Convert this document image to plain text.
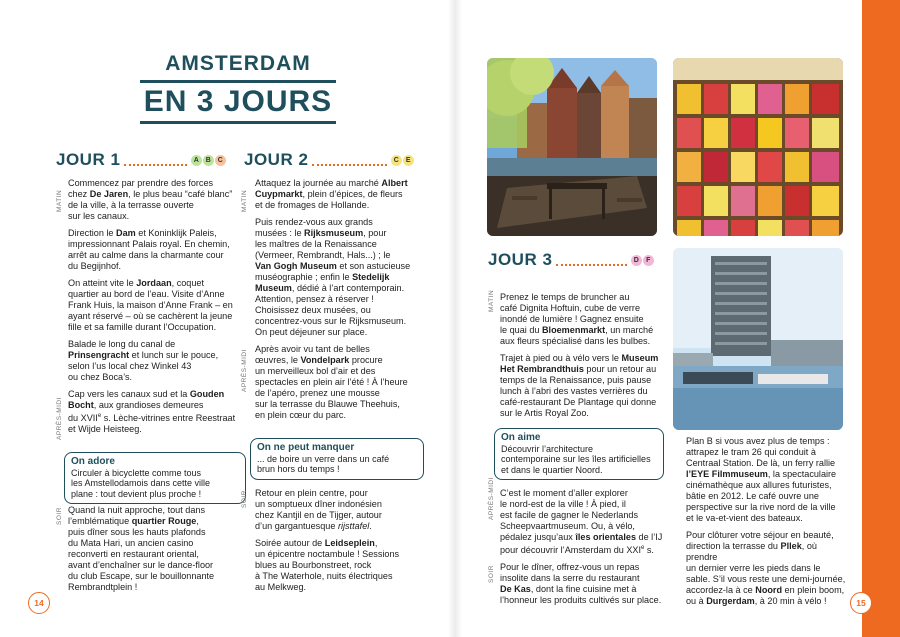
AMSTERDAM
EN 3 JOURS
JOUR 1	A B C
MATIN
APRÈS-MIDI
SOIR

Commencez par prendre des forces
chez De Jaren, le plus beau “café blanc”
de la ville, à la terrasse ouverte
sur les canaux.

Direction le Dam et Koninklijk Paleis,
impressionnant Palais royal. En chemin,
arrêt au calme dans la charmante cour
du Begijnhof.

On atteint vite le Jordaan, coquet
quartier au bord de l’eau. Visite d’Anne
Frank Huis, la maison d’Anne Frank – en
ayant réservé – où se cachèrent la jeune
fille et sa famille durant l’Occupation.

Balade le long du canal de
Prinsengracht et lunch sur le pouce,
selon l’us local chez Winkel 43
ou chez Boca’s.

Cap vers les canaux sud et la Gouden
Bocht, aux grandioses demeures
du XVIIe s. Lèche-vitrines entre Reestraat
et Wijde Heisteeg.

On adore
Circuler à bicyclette comme tous
les Amstellodamois dans cette ville
plane : tout devient plus proche !

Quand la nuit approche, tout dans
l’emblématique quartier Rouge,
puis dîner sous les hauts plafonds
du Mata Hari, un ancien casino
reconverti en restaurant oriental,
avant d’enchaîner sur le dance-floor
du club Escape, sur le bouillonnante
Rembrandtplein !

JOUR 2	C E
MATIN
APRÈS-MIDI
SOIR

Attaquez la journée au marché Albert
Cuypmarkt, plein d’épices, de fleurs
et de fromages de Hollande.

Puis rendez-vous aux grands
musées : le Rijksmuseum, pour
les maîtres de la Renaissance
(Vermeer, Rembrandt, Hals...) ; le
Van Gogh Museum et son astucieuse
muséographie ; enfin le Stedelijk
Museum, dédié à l’art contemporain.
Attention, pensez à réserver !
Choisissez deux musées, ou
concentrez-vous sur le Rijksmuseum.
On peut déjeuner sur place.

Après avoir vu tant de belles
œuvres, le Vondelpark procure
un merveilleux bol d’air et des
spectacles en plein air l’été ! À l’heure
de l’apéro, prenez une mousse
sur la terrasse du Blauwe Theehuis,
en plein cœur du parc.

On ne peut manquer
... de boire un verre dans un café
brun hors du temps !

Retour en plein centre, pour
un somptueux dîner indonésien
chez Kantjil en de Tijger, autour
d’un gargantuesque rijsttafel.

Soirée autour de Leidseplein,
un épicentre noctambule ! Sessions
blues au Bourbonstreet, rock
à The Waterhole, nuits électriques
au Melkweg.

14
JOUR 3	D F
MATIN
APRÈS-MIDI
SOIR

Prenez le temps de bruncher au
café Dignita Hoftuin, cube de verre
inondé de lumière ! Gagnez ensuite
le quai du Bloemenmarkt, un marché
aux fleurs spécialisé dans les bulbes.

Trajet à pied ou à vélo vers le Museum
Het Rembrandthuis pour un retour au
temps de la Renaissance, puis pause
lunch à l’abri des vastes verrières du
café-restaurant De Plantage qui donne
sur le Artis Royal Zoo.

On aime
Découvrir l’architecture
contemporaine sur les îles artificielles
et dans le quartier Noord.

C’est le moment d’aller explorer
le nord-est de la ville ! À pied, il
est facile de gagner le Nederlands
Scheepvaartmuseum. Ou, à vélo,
pédalez jusqu’aux îles orientales de l’IJ
pour découvrir l’Amsterdam du XXIe s.

Pour le dîner, offrez-vous un repas
insolite dans la serre du restaurant
De Kas, dont la fine cuisine met à
l’honneur les produits cultivés sur place.

Plan B si vous avez plus de temps :
attrapez le tram 26 qui conduit à
Centraal Station. De là, un ferry rallie
l’EYE Filmmuseum, la spectaculaire
cinémathèque aux allures futuristes,
bâtie en 2012. Le café ouvre une
perspective sur la rive nord de la ville
et le va-et-vient des bateaux.

Pour clôturer votre séjour en beauté,
direction la terrasse du Pllek, où prendre
un dernier verre les pieds dans le
sable. S’il vous reste une demi-journée,
accordez-la à ce Noord en plein boom,
ou à Durgerdam, à 20 min à vélo !	15
